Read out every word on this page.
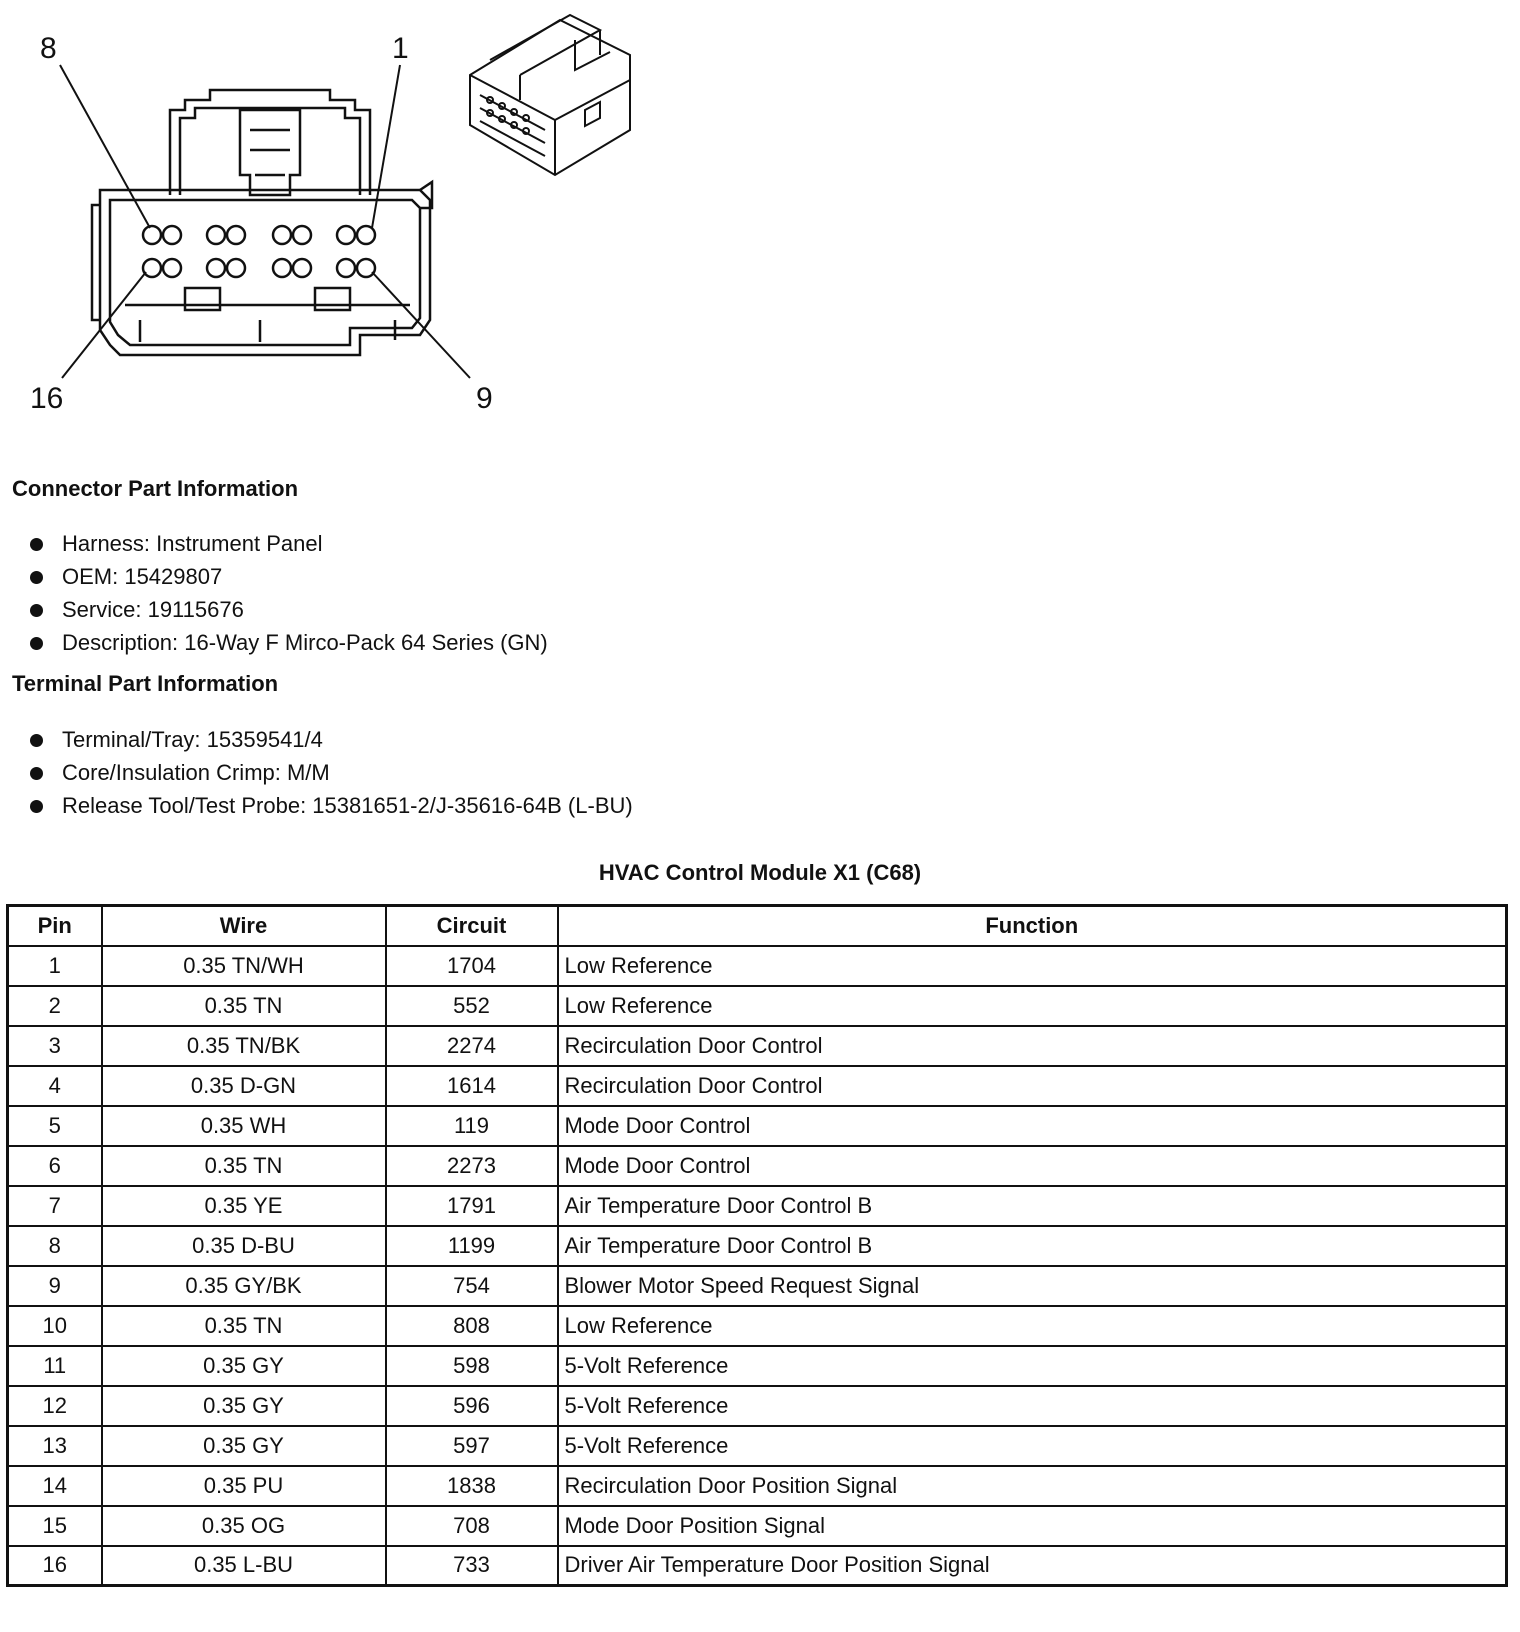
8	1
16	9
Connector Part Information
Harness: Instrument Panel
OEM: 15429807
Service: 19115676
Description: 16-Way F Mirco-Pack 64 Series (GN)
Terminal Part Information
Terminal/Tray: 15359541/4
Core/Insulation Crimp: M/M
Release Tool/Test Probe: 15381651-2/J-35616-64B (L-BU)
HVAC Control Module X1 (C68)
Pin	Wire	Circuit	Function
1	0.35 TN/WH	1704	Low Reference
2	0.35 TN	552	Low Reference
3	0.35 TN/BK	2274	Recirculation Door Control
4	0.35 D-GN	1614	Recirculation Door Control
5	0.35 WH	119	Mode Door Control
6	0.35 TN	2273	Mode Door Control
7	0.35 YE	1791	Air Temperature Door Control B
8	0.35 D-BU	1199	Air Temperature Door Control B
9	0.35 GY/BK	754	Blower Motor Speed Request Signal
10	0.35 TN	808	Low Reference
11	0.35 GY	598	5-Volt Reference
12	0.35 GY	596	5-Volt Reference
13	0.35 GY	597	5-Volt Reference
14	0.35 PU	1838	Recirculation Door Position Signal
15	0.35 OG	708	Mode Door Position Signal
16	0.35 L-BU	733	Driver Air Temperature Door Position Signal
